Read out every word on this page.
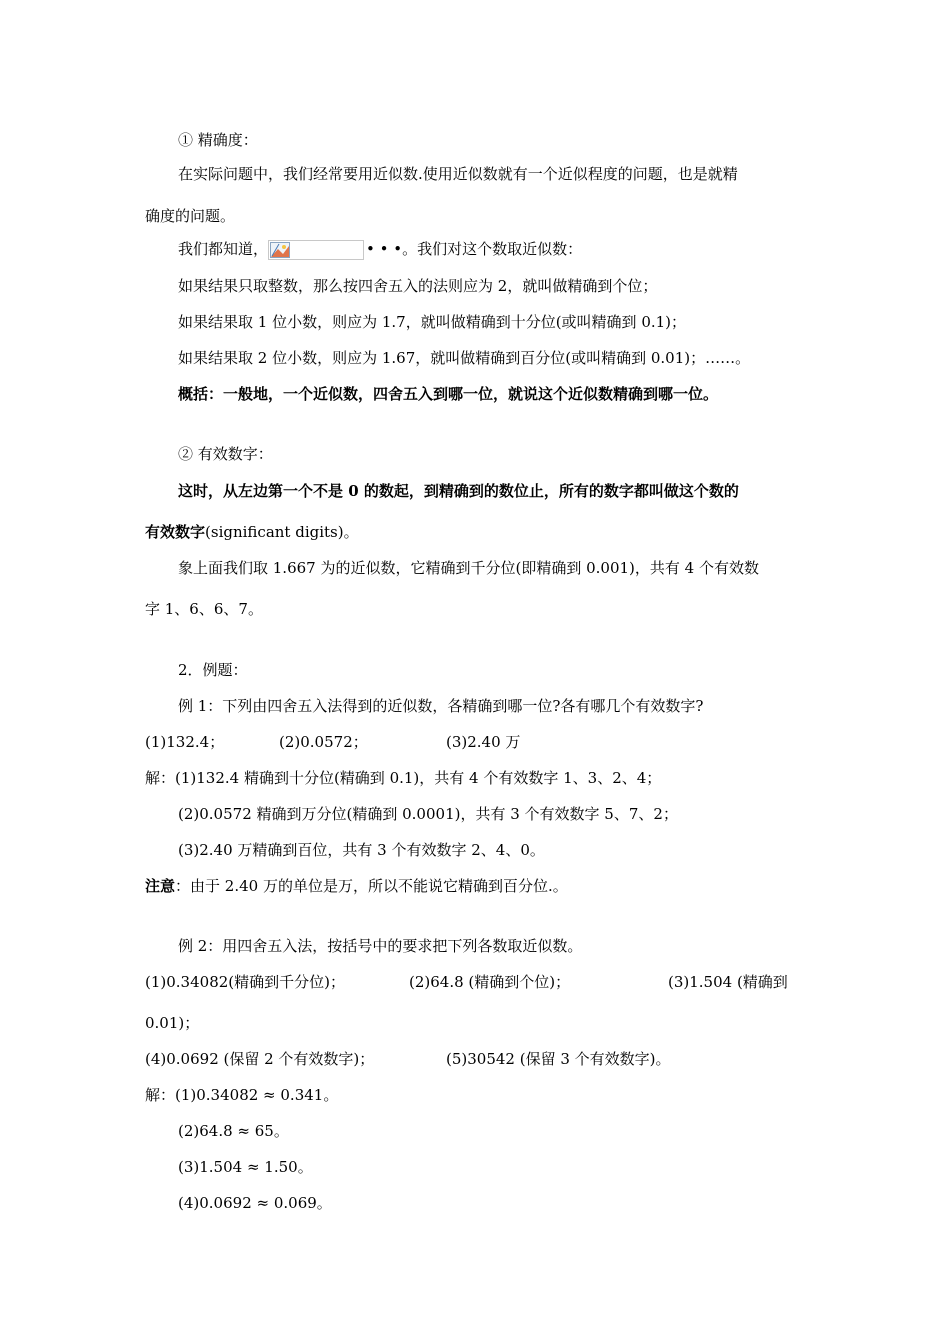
① 精确度：
在实际问题中，我们经常要用近似数.使用近似数就有一个近似程度的问题，也是就精
确度的问题。
我们都知道，	• • •。我们对这个数取近似数：
如果结果只取整数，那么按四舍五入的法则应为 2，就叫做精确到个位；
如果结果取 1 位小数，则应为 1.7，就叫做精确到十分位(或叫精确到 0.1)；
如果结果取 2 位小数，则应为 1.67，就叫做精确到百分位(或叫精确到 0.01)；……。
概括：一般地，一个近似数，四舍五入到哪一位，就说这个近似数精确到哪一位。
② 有效数字：
这时，从左边第一个不是 0 的数起，到精确到的数位止，所有的数字都叫做这个数的
有效数字(significant digits)。
象上面我们取 1.667 为的近似数，它精确到千分位(即精确到 0.001)，共有 4 个有效数
字 1、6、6、7。
2．例题：
例 1：下列由四舍五入法得到的近似数，各精确到哪一位?各有哪几个有效数字?
(1)132.4；	(2)0.0572；	(3)2.40 万
解：(1)132.4 精确到十分位(精确到 0.1)，共有 4 个有效数字 1、3、2、4；
(2)0.0572 精确到万分位(精确到 0.0001)，共有 3 个有效数字 5、7、2；
(3)2.40 万精确到百位，共有 3 个有效数字 2、4、0。
注意：由于 2.40 万的单位是万，所以不能说它精确到百分位.。
例 2：用四舍五入法，按括号中的要求把下列各数取近似数。
(1)0.34082(精确到千分位)；	(2)64.8 (精确到个位)；	(3)1.504 (精确到
0.01)；
(4)0.0692 (保留 2 个有效数字)；	(5)30542 (保留 3 个有效数字)。
解：(1)0.34082 ≈ 0.341。
(2)64.8 ≈ 65。
(3)1.504 ≈ 1.50。
(4)0.0692 ≈ 0.069。
